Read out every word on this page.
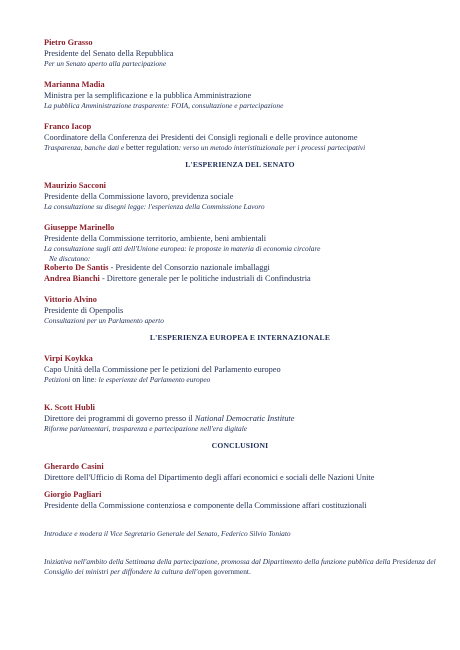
Pietro Grasso
Presidente del Senato della Repubblica
Per un Senato aperto alla partecipazione
Marianna Madia
Ministra per la semplificazione e la pubblica Amministrazione
La pubblica Amministrazione trasparente: FOIA, consultazione e partecipazione
Franco Iacop
Coordinatore della Conferenza dei Presidenti dei Consigli regionali e delle province autonome
Trasparenza, banche dati e better regulation: verso un metodo interistituzionale per i processi partecipativi
L'ESPERIENZA DEL SENATO
Maurizio Sacconi
Presidente della Commissione lavoro, previdenza sociale
La consultazione su disegni legge: l'esperienza della Commissione Lavoro
Giuseppe Marinello
Presidente della Commissione territorio, ambiente, beni ambientali
La consultazione sugli atti dell'Unione europea: le proposte in materia di economia circolare
Ne discutono:
Roberto De Santis - Presidente del Consorzio nazionale imballaggi
Andrea Bianchi - Direttore generale per le politiche industriali di Confindustria
Vittorio Alvino
Presidente di Openpolis
Consultazioni per un Parlamento aperto
L'ESPERIENZA EUROPEA E INTERNAZIONALE
Virpi Koykka
Capo Unità della Commissione per le petizioni del Parlamento europeo
Petizioni on line: le esperienze del Parlamento europeo
K. Scott Hubli
Direttore dei programmi di governo presso il National Democratic Institute
Riforme parlamentari, trasparenza e partecipazione nell'era digitale
CONCLUSIONI
Gherardo Casini
Direttore dell'Ufficio di Roma del Dipartimento degli affari economici e sociali delle Nazioni Unite
Giorgio Pagliari
Presidente della Commissione contenziosa e componente della Commissione affari costituzionali
Introduce e modera il Vice Segretario Generale del Senato, Federico Silvio Toniato
Iniziativa nell'ambito della Settimana della partecipazione, promossa dal Dipartimento della funzione pubblica della Presidenza del Consiglio dei ministri per diffondere la cultura dell'open government.
